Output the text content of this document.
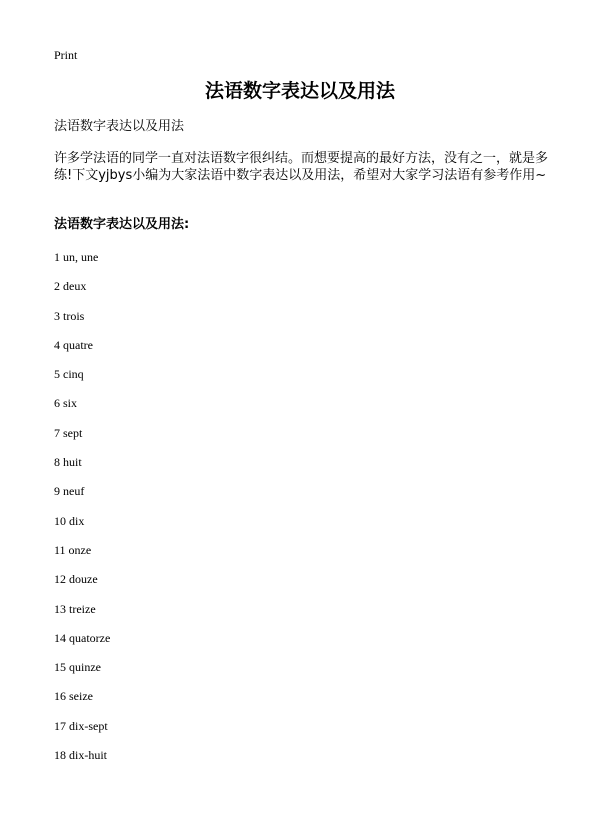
Print
法语数字表达以及用法
法语数字表达以及用法

许多学法语的同学一直对法语数字很纠结。而想要提高的最好方法，没有之一，就是多练!下文yjbys小编为大家法语中数字表达以及用法，希望对大家学习法语有参考作用~

法语数字表达以及用法:
1 un, une
2 deux
3 trois
4 quatre
5 cinq
6 six
7 sept
8 huit
9 neuf
10 dix
11 onze
12 douze
13 treize
14 quatorze
15 quinze
16 seize
17 dix-sept
18 dix-huit
